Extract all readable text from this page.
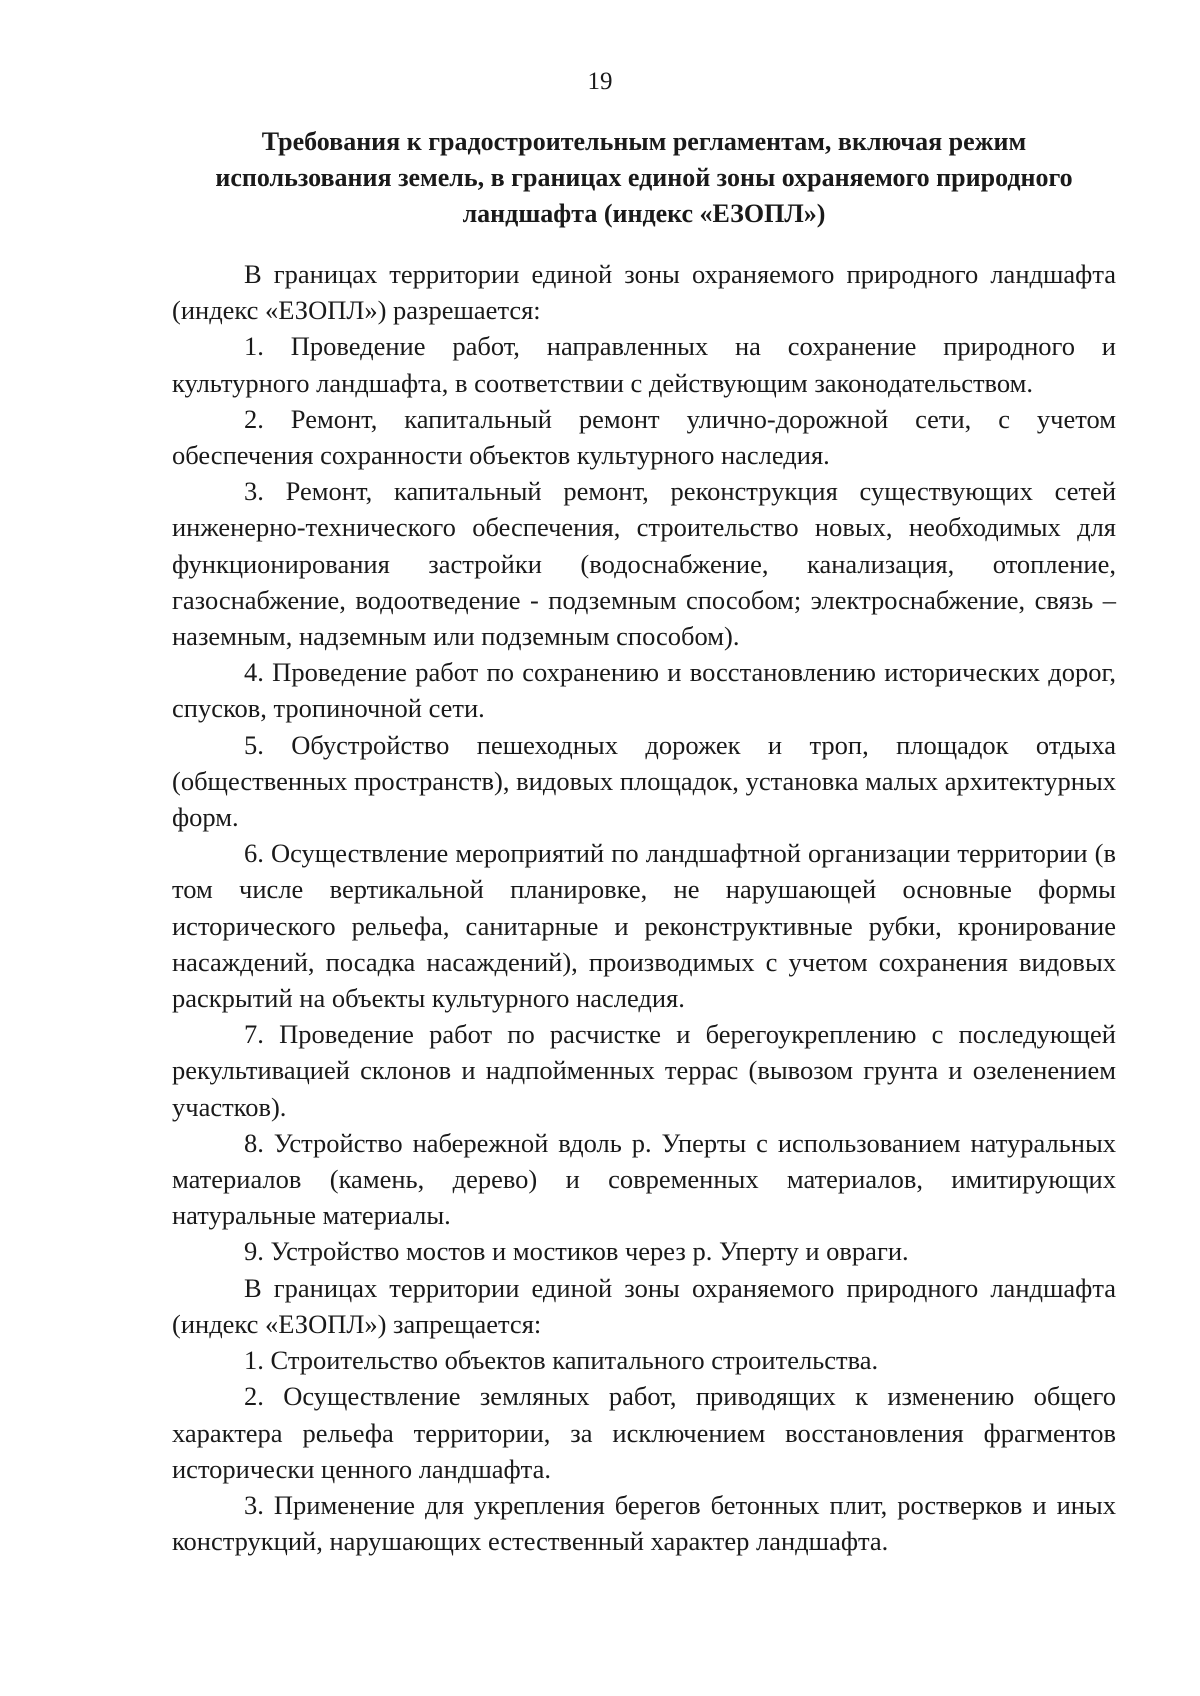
19
Требования к градостроительным регламентам, включая режим
использования земель, в границах единой зоны охраняемого природного
ландшафта (индекс «ЕЗОПЛ»)

В границах территории единой зоны охраняемого природного ландшафта (индекс «ЕЗОПЛ») разрешается:

1. Проведение работ, направленных на сохранение природного и культурного ландшафта, в соответствии с действующим законодательством.

2. Ремонт, капитальный ремонт улично-дорожной сети, с учетом обеспечения сохранности объектов культурного наследия.

3. Ремонт, капитальный ремонт, реконструкция существующих сетей инженерно-технического обеспечения, строительство новых, необходимых для функционирования застройки (водоснабжение, канализация, отопление, газоснабжение, водоотведение - подземным способом; электроснабжение, связь – наземным, надземным или подземным способом).

4. Проведение работ по сохранению и восстановлению исторических дорог, спусков, тропиночной сети.

5. Обустройство пешеходных дорожек и троп, площадок отдыха (общественных пространств), видовых площадок, установка малых архитектурных форм.

6. Осуществление мероприятий по ландшафтной организации территории (в том числе вертикальной планировке, не нарушающей основные формы исторического рельефа, санитарные и реконструктивные рубки, кронирование насаждений, посадка насаждений), производимых с учетом сохранения видовых раскрытий на объекты культурного наследия.

7. Проведение работ по расчистке и берегоукреплению с последующей рекультивацией склонов и надпойменных террас (вывозом грунта и озеленением участков).

8. Устройство набережной вдоль р. Уперты с использованием натуральных материалов (камень, дерево) и современных материалов, имитирующих натуральные материалы.

9. Устройство мостов и мостиков через р. Уперту и овраги.

В границах территории единой зоны охраняемого природного ландшафта (индекс «ЕЗОПЛ») запрещается:

1. Строительство объектов капитального строительства.

2. Осуществление земляных работ, приводящих к изменению общего характера рельефа территории, за исключением восстановления фрагментов исторически ценного ландшафта.

3. Применение для укрепления берегов бетонных плит, ростверков и иных конструкций, нарушающих естественный характер ландшафта.
